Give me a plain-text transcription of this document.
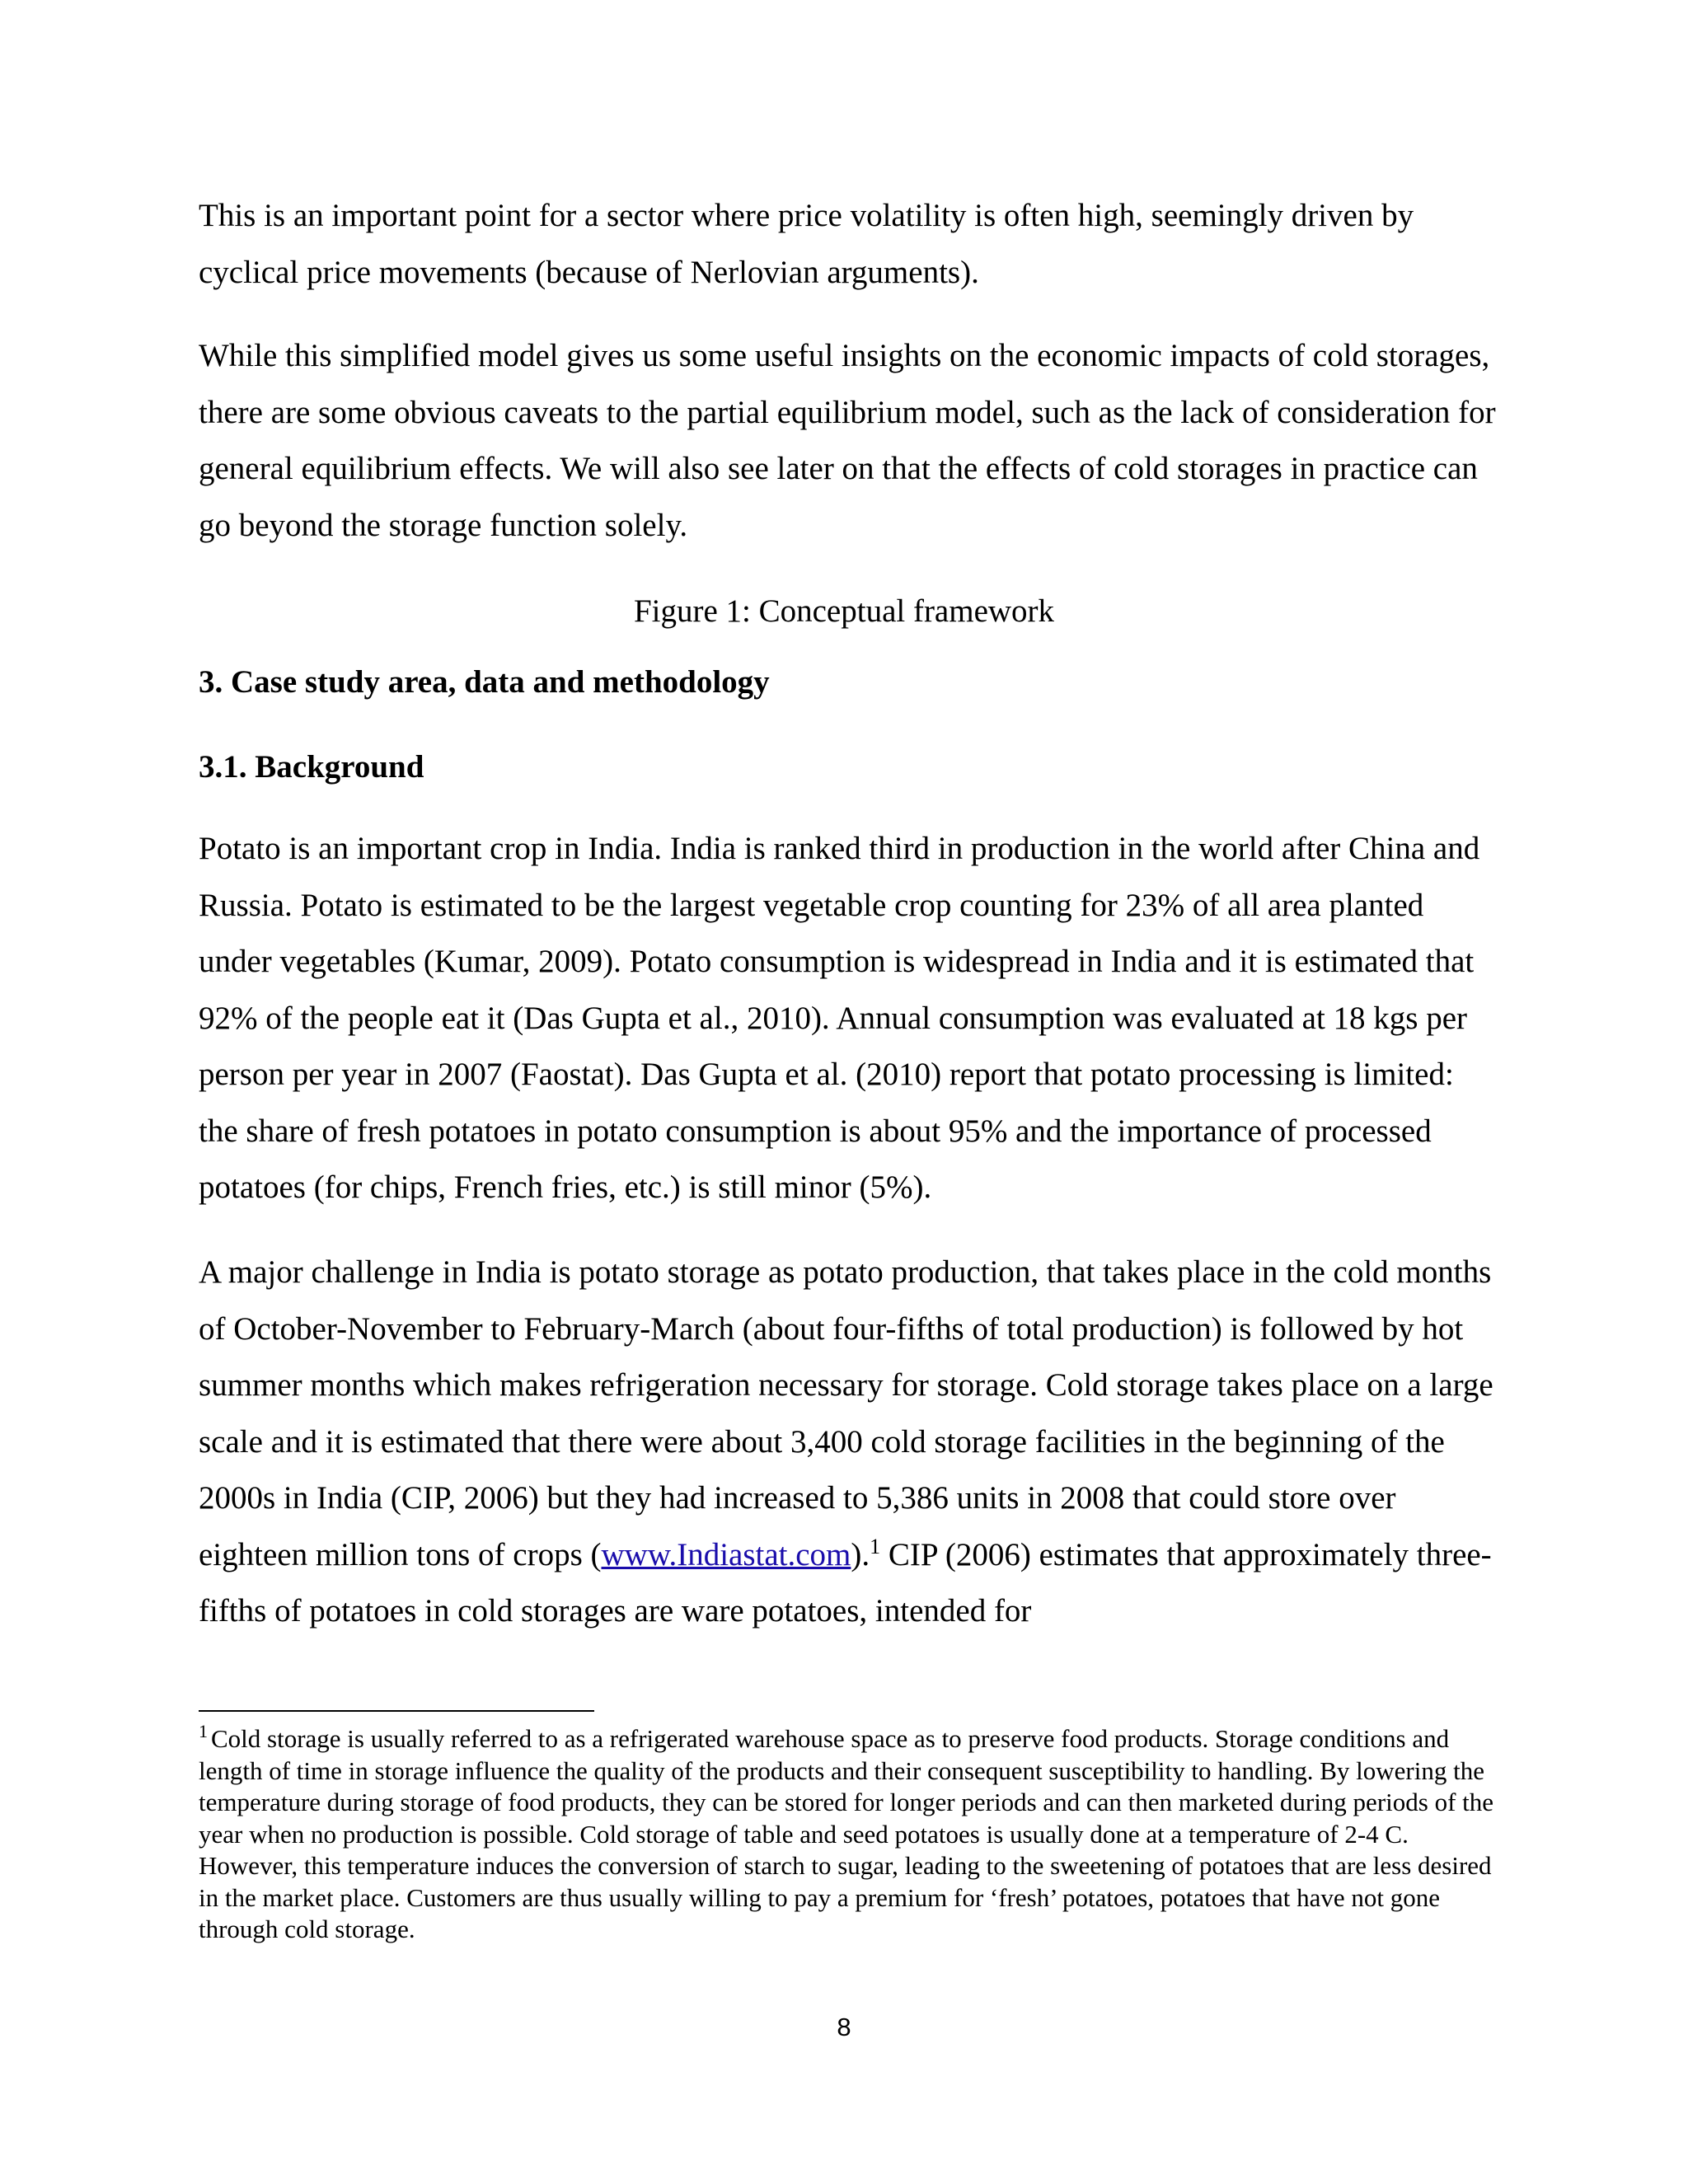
This is an important point for a sector where price volatility is often high, seemingly driven by cyclical price movements (because of Nerlovian arguments).

While this simplified model gives us some useful insights on the economic impacts of cold storages, there are some obvious caveats to the partial equilibrium model, such as the lack of consideration for general equilibrium effects. We will also see later on that the effects of cold storages in practice can go beyond the storage function solely.

Figure 1: Conceptual framework

3. Case study area, data and methodology
3.1. Background

Potato is an important crop in India. India is ranked third in production in the world after China and Russia. Potato is estimated to be the largest vegetable crop counting for 23% of all area planted under vegetables (Kumar, 2009). Potato consumption is widespread in India and it is estimated that 92% of the people eat it (Das Gupta et al., 2010). Annual consumption was evaluated at 18 kgs per person per year in 2007 (Faostat). Das Gupta et al. (2010) report that potato processing is limited: the share of fresh potatoes in potato consumption is about 95% and the importance of processed potatoes (for chips, French fries, etc.) is still minor (5%).

A major challenge in India is potato storage as potato production, that takes place in the cold months of October-November to February-March (about four-fifths of total production) is followed by hot summer months which makes refrigeration necessary for storage. Cold storage takes place on a large scale and it is estimated that there were about 3,400 cold storage facilities in the beginning of the 2000s in India (CIP, 2006) but they had increased to 5,386 units in 2008 that could store over eighteen million tons of crops (www.Indiastat.com).$^1$ CIP (2006) estimates that approximately three-fifths of potatoes in cold storages are ware potatoes, intended for

$^1$ Cold storage is usually referred to as a refrigerated warehouse space as to preserve food products. Storage conditions and length of time in storage influence the quality of the products and their consequent susceptibility to handling. By lowering the temperature during storage of food products, they can be stored for longer periods and can then marketed during periods of the year when no production is possible. Cold storage of table and seed potatoes is usually done at a temperature of 2-4 C. However, this temperature induces the conversion of starch to sugar, leading to the sweetening of potatoes that are less desired in the market place. Customers are thus usually willing to pay a premium for ‘fresh’ potatoes, potatoes that have not gone through cold storage.

8
